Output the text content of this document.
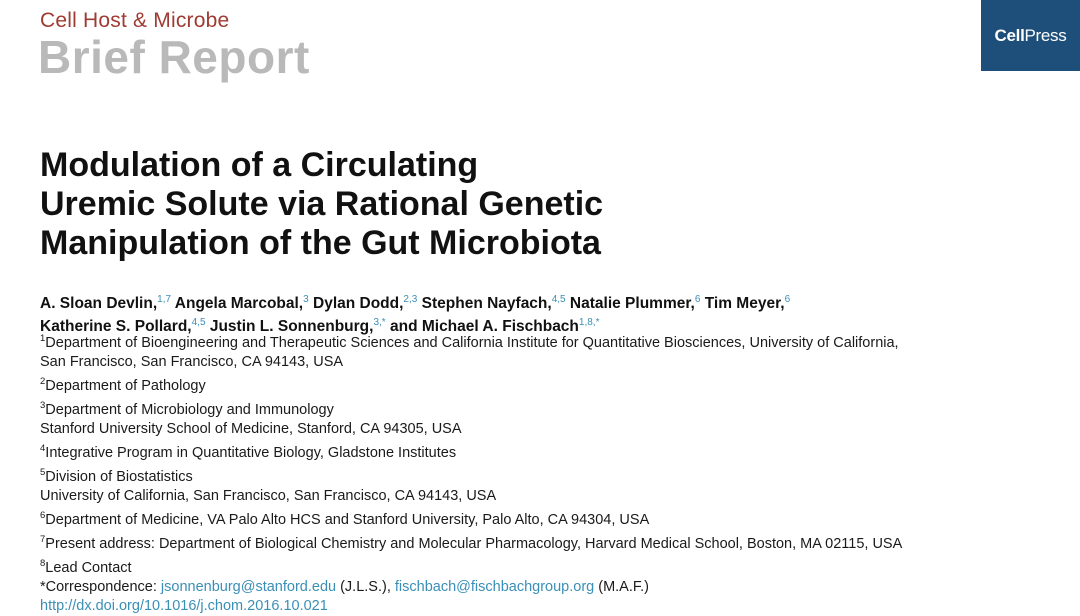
Cell Host & Microbe
Brief Report	CellPress
Modulation of a Circulating
Uremic Solute via Rational Genetic
Manipulation of the Gut Microbiota
A. Sloan Devlin,$^{1,7}$ Angela Marcobal,$^3$ Dylan Dodd,$^{2,3}$ Stephen Nayfach,$^{4,5}$ Natalie Plummer,$^6$ Tim Meyer,$^6$
Katherine S. Pollard,$^{4,5}$ Justin L. Sonnenburg,$^{3,*}$ and Michael A. Fischbach$^{1,8,*}$
$^1$Department of Bioengineering and Therapeutic Sciences and California Institute for Quantitative Biosciences, University of California,
San Francisco, San Francisco, CA 94143, USA
$^2$Department of Pathology
$^3$Department of Microbiology and Immunology
Stanford University School of Medicine, Stanford, CA 94305, USA
$^4$Integrative Program in Quantitative Biology, Gladstone Institutes
$^5$Division of Biostatistics
University of California, San Francisco, San Francisco, CA 94143, USA
$^6$Department of Medicine, VA Palo Alto HCS and Stanford University, Palo Alto, CA 94304, USA
$^7$Present address: Department of Biological Chemistry and Molecular Pharmacology, Harvard Medical School, Boston, MA 02115, USA
$^8$Lead Contact
*Correspondence: jsonnenburg@stanford.edu (J.L.S.), fischbach@fischbachgroup.org (M.A.F.)
http://dx.doi.org/10.1016/j.chom.2016.10.021
